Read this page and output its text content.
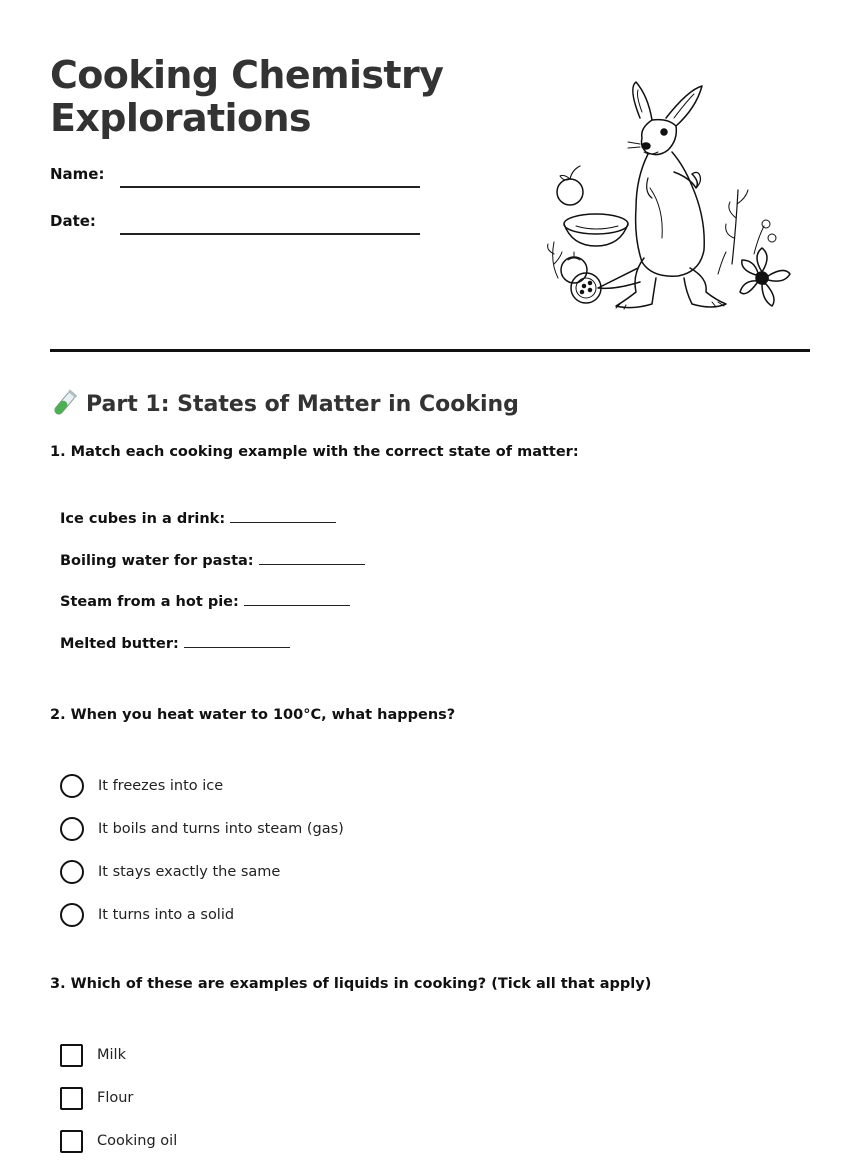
Cooking Chemistry Explorations
Name:
Date:
Part 1: States of Matter in Cooking
1. Match each cooking example with the correct state of matter:
Ice cubes in a drink:
Boiling water for pasta:
Steam from a hot pie:
Melted butter:
2. When you heat water to 100°C, what happens?
It freezes into ice
It boils and turns into steam (gas)
It stays exactly the same
It turns into a solid
3. Which of these are examples of liquids in cooking? (Tick all that apply)
Milk
Flour
Cooking oil
